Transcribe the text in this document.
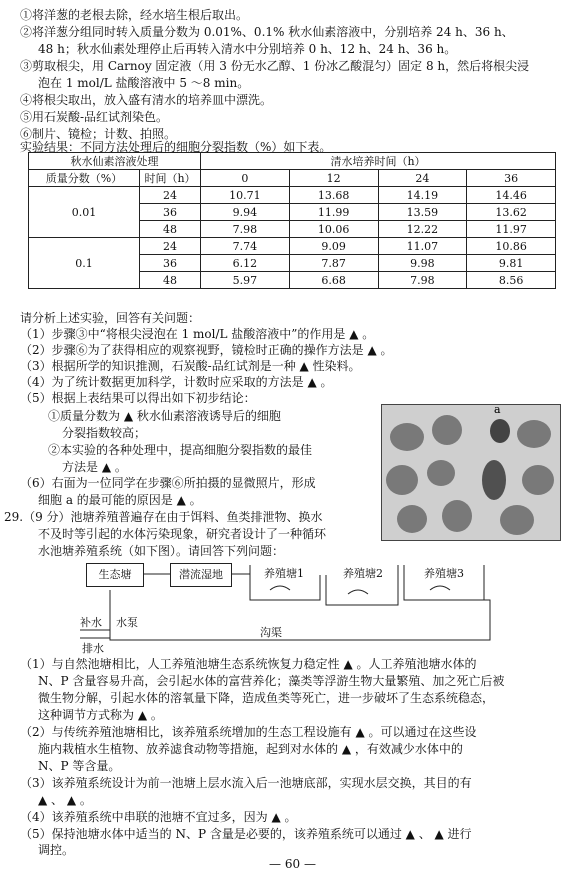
①将洋葱的老根去除，经水培生根后取出。
②将洋葱分组同时转入质量分数为 0.01%、0.1% 秋水仙素溶液中，分别培养 24 h、36 h、
48 h；秋水仙素处理停止后再转入清水中分别培养 0 h、12 h、24 h、36 h。
③剪取根尖，用 Carnoy 固定液（用 3 份无水乙醇、1 份冰乙酸混匀）固定 8 h，然后将根尖浸
泡在 1 mol/L 盐酸溶液中 5 ～8 min。
④将根尖取出，放入盛有清水的培养皿中漂洗。
⑤用石炭酸-品红试剂染色。
⑥制片、镜检；计数、拍照。
实验结果：不同方法处理后的细胞分裂指数（%）如下表。
秋水仙素溶液处理		清水培养时间（h）			
质量分数（%）	时间（h）	0	12	24	36
0.01	24	10.71	13.68	14.19	14.46
	36	9.94	11.99	13.59	13.62
	48	7.98	10.06	12.22	11.97
0.1	24	7.74	9.09	11.07	10.86
	36	6.12	7.87	9.98	9.81
	48	5.97	6.68	7.98	8.56
请分析上述实验，回答有关问题：
（1）步骤③中“将根尖浸泡在 1 mol/L 盐酸溶液中”的作用是 ▲ 。
（2）步骤⑥为了获得相应的观察视野，镜检时正确的操作方法是 ▲ 。
（3）根据所学的知识推测，石炭酸-品红试剂是一种 ▲ 性染料。
（4）为了统计数据更加科学，计数时应采取的方法是 ▲ 。
（5）根据上表结果可以得出如下初步结论：
①质量分数为 ▲ 秋水仙素溶液诱导后的细胞
分裂指数较高；
②本实验的各种处理中，提高细胞分裂指数的最佳
方法是 ▲ 。
（6）右面为一位同学在步骤⑥所拍摄的显微照片，形成
细胞 a 的最可能的原因是 ▲ 。
a
29.（9 分）池塘养殖普遍存在由于饵料、鱼类排泄物、换水
不及时等引起的水体污染现象，研究者设计了一种循环
水池塘养殖系统（如下图）。请回答下列问题：
生态塘	潜流湿地	养殖塘1	养殖塘2	养殖塘3
补水 水泵
沟渠
排水
（1）与自然池塘相比，人工养殖池塘生态系统恢复力稳定性 ▲ 。人工养殖池塘水体的
N、P 含量容易升高，会引起水体的富营养化；藻类等浮游生物大量繁殖、加之死亡后被
微生物分解，引起水体的溶氧量下降，造成鱼类等死亡，进一步破坏了生态系统稳态，
这种调节方式称为 ▲ 。
（2）与传统养殖池塘相比，该养殖系统增加的生态工程设施有 ▲ 。可以通过在这些设
施内栽植水生植物、放养滤食动物等措施，起到对水体的 ▲ ，有效减少水体中的
N、P 等含量。
（3）该养殖系统设计为前一池塘上层水流入后一池塘底部，实现水层交换，其目的有
▲ 、 ▲ 。
（4）该养殖系统中串联的池塘不宜过多，因为 ▲ 。
（5）保持池塘水体中适当的 N、P 含量是必要的，该养殖系统可以通过 ▲ 、 ▲ 进行
调控。
— 60 —
